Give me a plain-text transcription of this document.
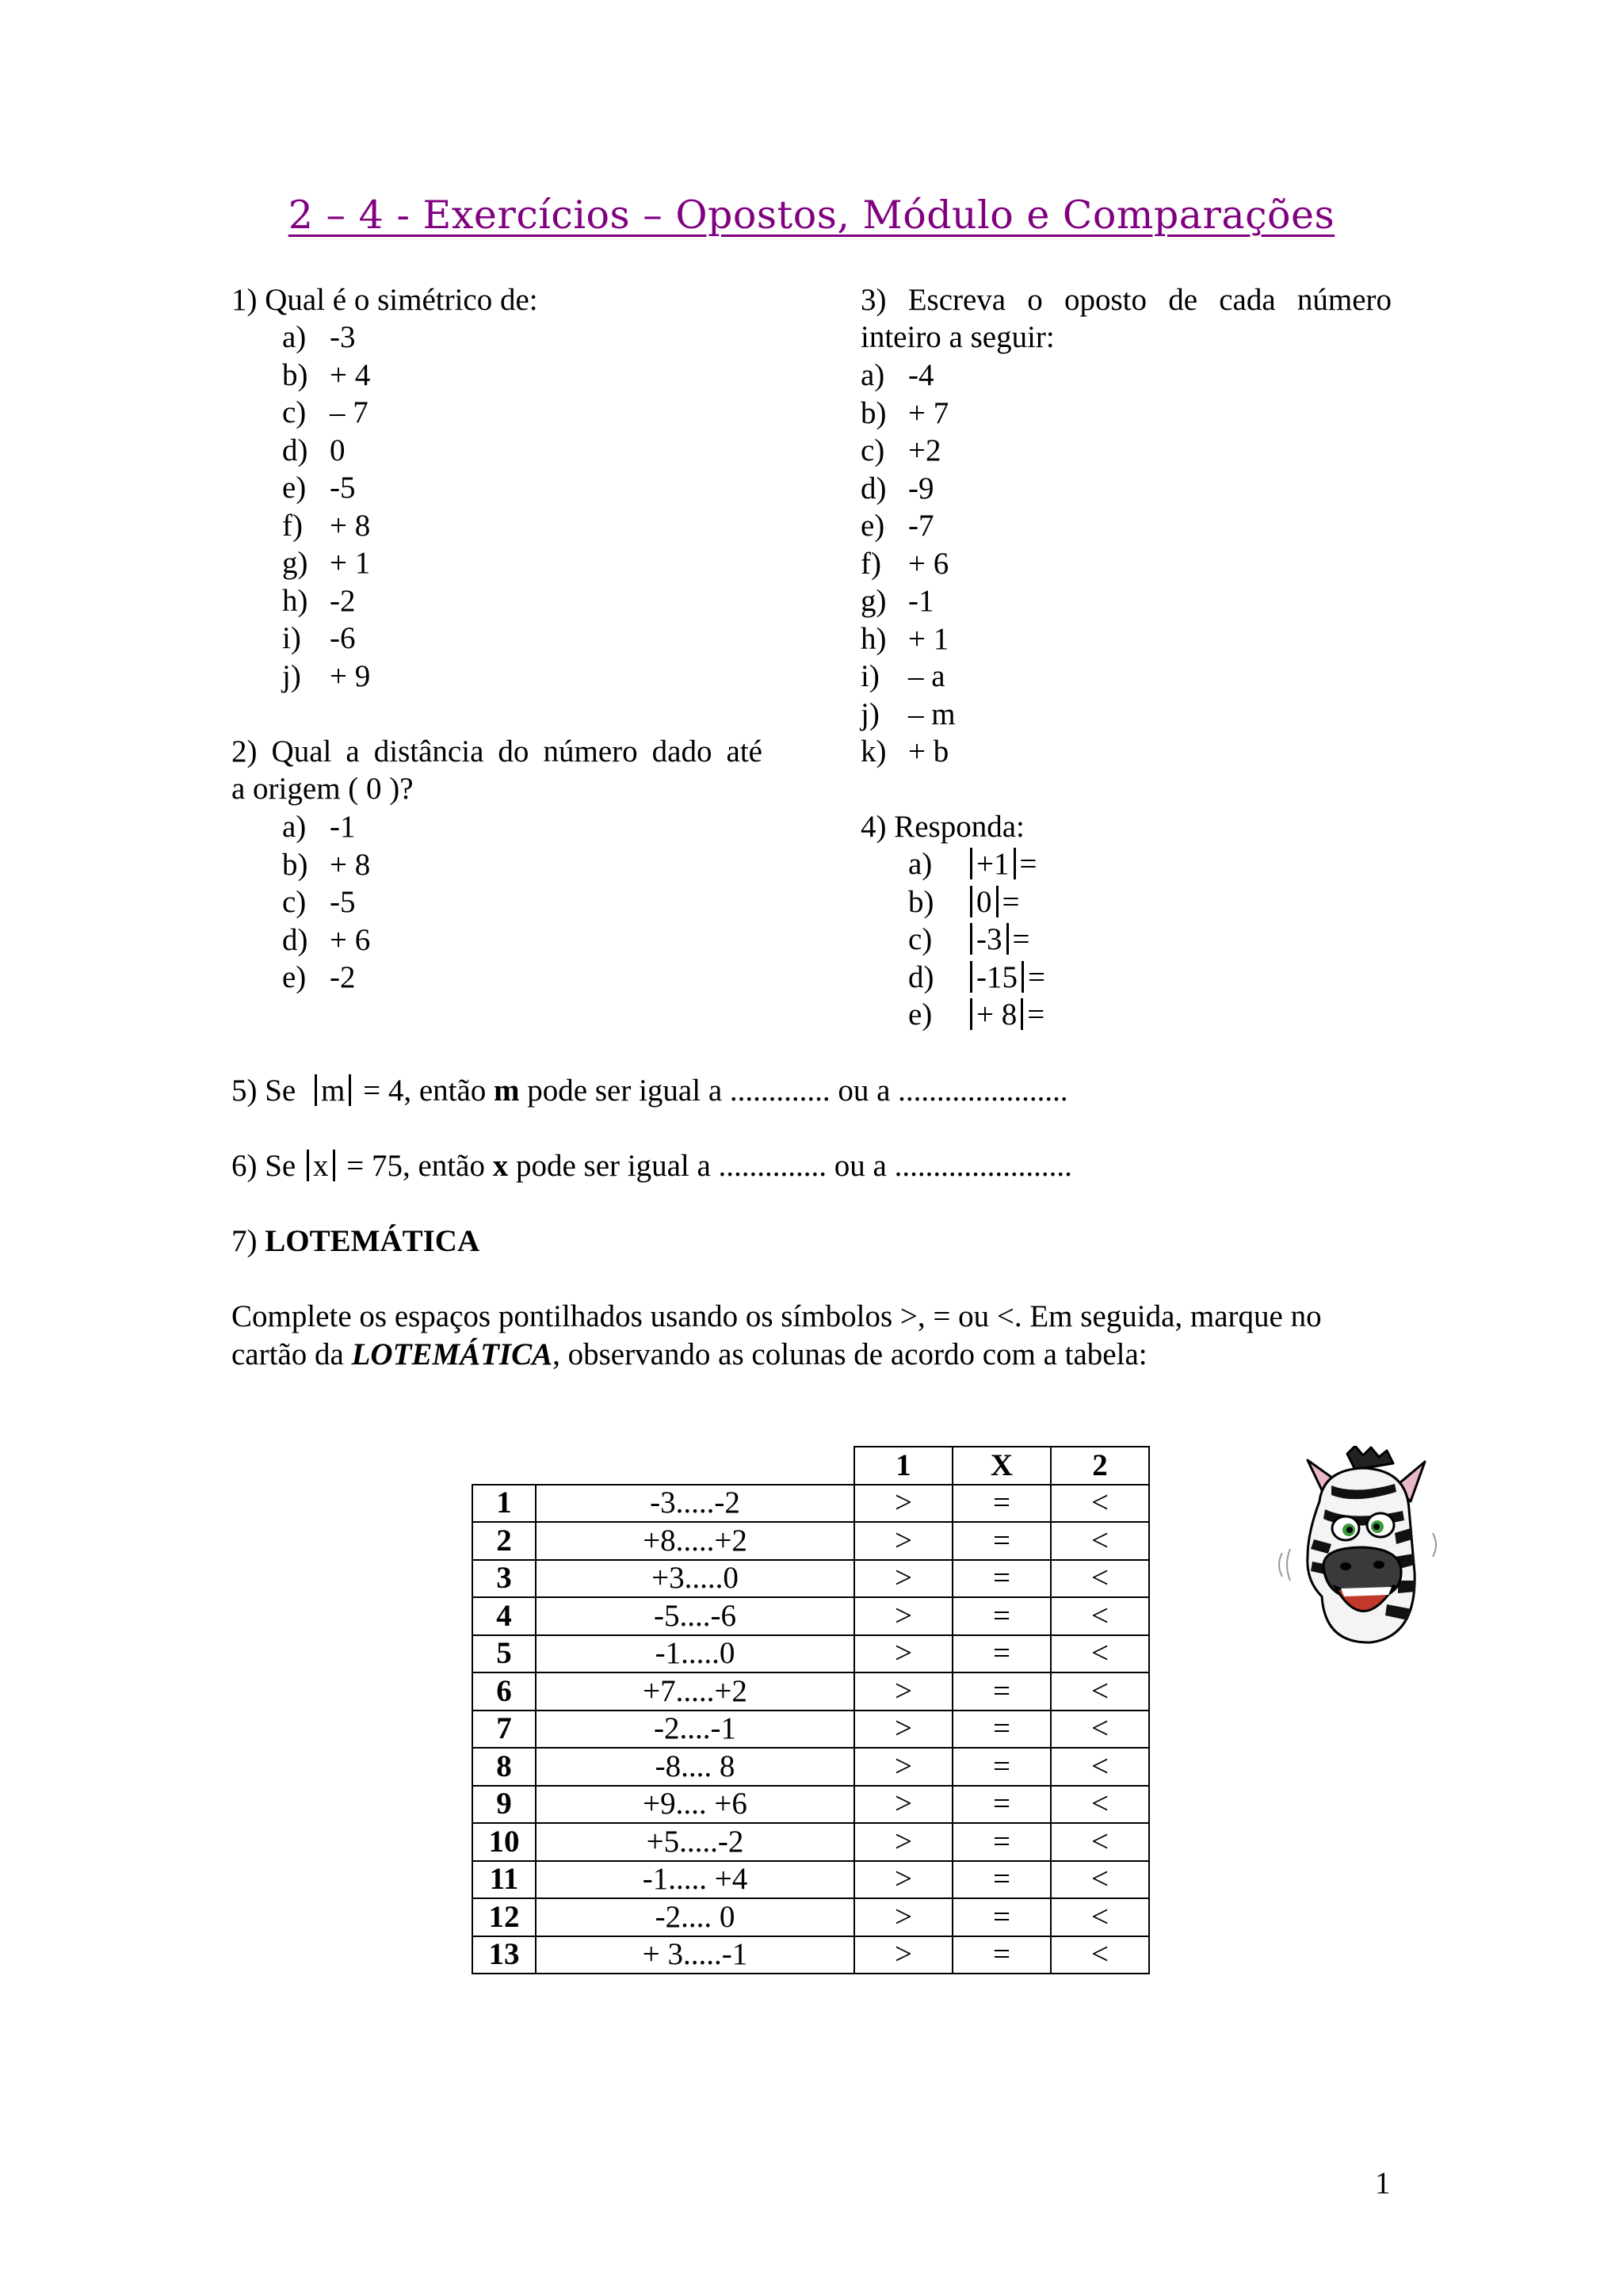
2 – 4 - Exercícios – Opostos, Módulo e Comparações
1) Qual é o simétrico de:
a) -3
b) + 4
c) – 7
d) 0
e) -5
f) + 8
g) + 1
h) -2
i) -6
j) + 9
2) Qual a distância do número dado até
a origem ( 0 )?
a) -1
b) + 8
c) -5
d) + 6
e) -2
3) Escreva o oposto de cada número
inteiro a seguir:
a) -4
b) + 7
c) +2
d) -9
e) -7
f) + 6
g) -1
h) + 1
i) – a
j) – m
k) + b
4) Responda:
a) +1 =
b) 0 =
c) -3 =
d) -15 =
e) + 8 =
5) Se m = 4, então m pode ser igual a ............. ou a ......................
6) Se x = 75, então x pode ser igual a .............. ou a .......................
7) LOTEMÁTICA
Complete os espaços pontilhados usando os símbolos >, = ou <. Em seguida, marque no
cartão da LOTEMÁTICA, observando as colunas de acordo com a tabela:
		1	X	2
1	-3.....-2	>	=	<
2	+8.....+2	>	=	<
3	+3.....0	>	=	<
4	-5....-6	>	=	<
5	-1.....0	>	=	<
6	+7.....+2	>	=	<
7	-2....-1	>	=	<
8	-8.... 8	>	=	<
9	+9.... +6	>	=	<
10	+5.....-2	>	=	<
11	-1..... +4	>	=	<
12	-2.... 0	>	=	<
13	+ 3.....-1	>	=	<
1
